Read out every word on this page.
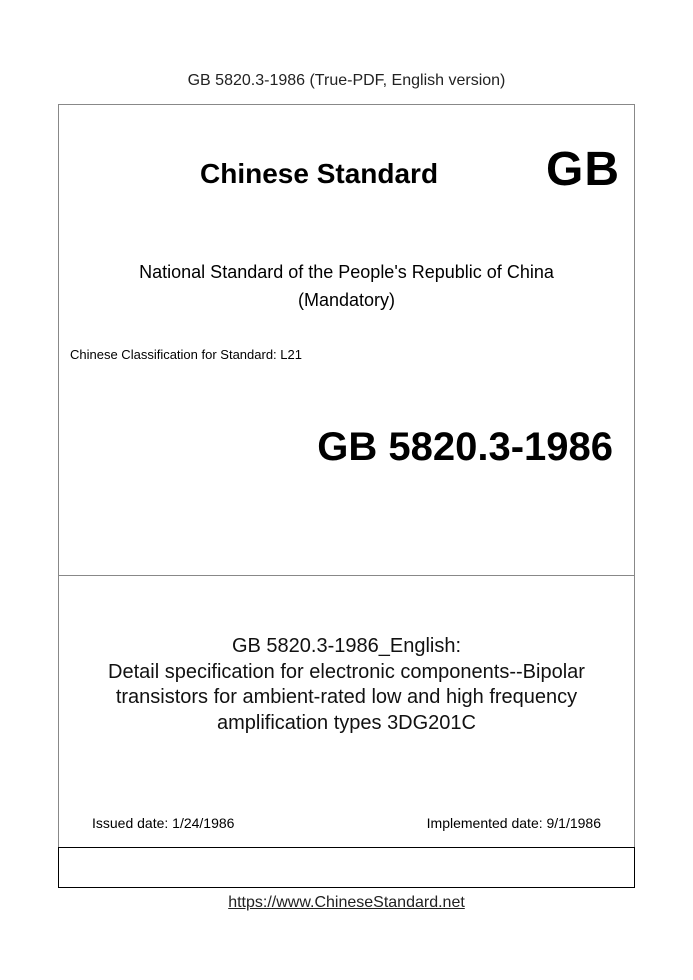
GB 5820.3-1986 (True-PDF, English version)
Chinese Standard GB
National Standard of the People's Republic of China
(Mandatory)
Chinese Classification for Standard: L21
GB 5820.3-1986
GB 5820.3-1986_English:
Detail specification for electronic components--Bipolar
transistors for ambient-rated low and high frequency
amplification types 3DG201C
Issued date: 1/24/1986	Implemented date: 9/1/1986
https://www.ChineseStandard.net
